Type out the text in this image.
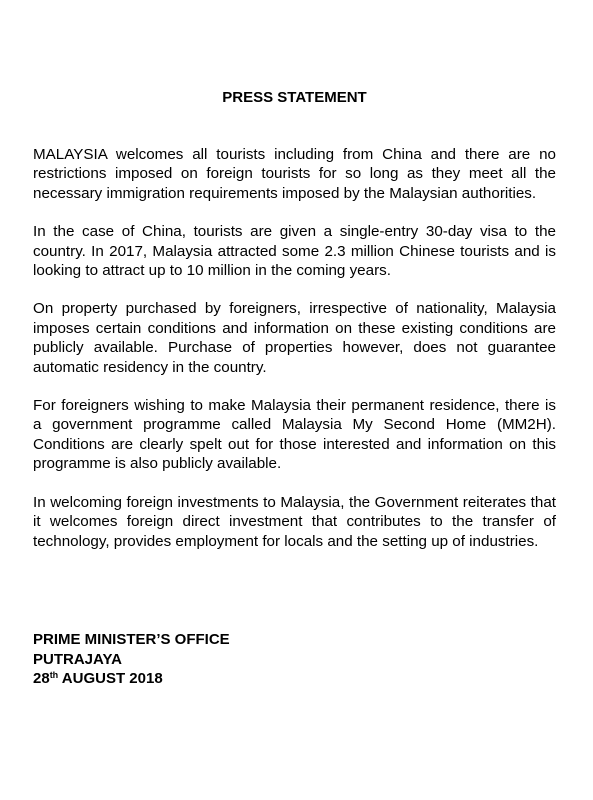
PRESS STATEMENT

MALAYSIA welcomes all tourists including from China and there are no restrictions imposed on foreign tourists for so long as they meet all the necessary immigration requirements imposed by the Malaysian authorities.

In the case of China, tourists are given a single-entry 30-day visa to the country. In 2017, Malaysia attracted some 2.3 million Chinese tourists and is looking to attract up to 10 million in the coming years.

On property purchased by foreigners, irrespective of nationality, Malaysia imposes certain conditions and information on these existing conditions are publicly available. Purchase of properties however, does not guarantee automatic residency in the country.

For foreigners wishing to make Malaysia their permanent residence, there is a government programme called Malaysia My Second Home (MM2H). Conditions are clearly spelt out for those interested and information on this programme is also publicly available.

In welcoming foreign investments to Malaysia, the Government reiterates that it welcomes foreign direct investment that contributes to the transfer of technology, provides employment for locals and the setting up of industries.

PRIME MINISTER’S OFFICE
PUTRAJAYA
28th AUGUST 2018
